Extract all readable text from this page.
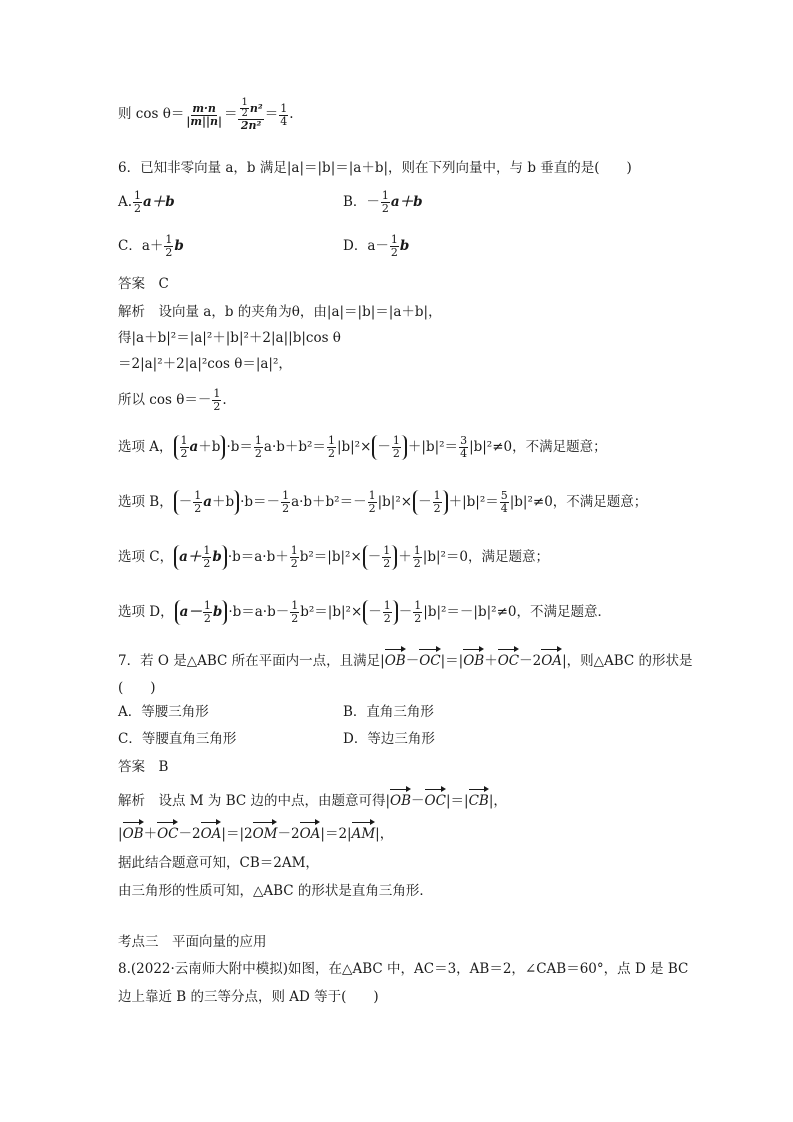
则 $\cos \theta= \frac{m\cdot n}{|m||n|} = \frac{\frac{1}{2} n^2}{\text{2n²}} = \frac{1}{4}$ .
6．已知非零向量 a，b 满足|a|＝|b|＝|a＋b|，则在下列向量中，与 b 垂直的是(　　)
A. $\frac{1}{2} a+b$	B．－ $\frac{1}{2} a+b$
C．$a+ \frac{1}{2}$ b	D．$a- \frac{1}{2}$ b
答案　C
解析　设向量 a，b 的夹角为θ，由|a|＝|b|＝|a＋b|，
得|a＋b|²＝|a|²＋|b|²＋2|a||b|cos θ
＝2|a|²＋2|a|²cos θ＝|a|²，
所以 $\cos \theta=- \frac{1}{2}$ .
选项 A， $\frac{1}{2}$ $a +b \cdot b= \frac{1}{2} a\cdot b+b^2= \frac{1}{2} |b|^2\times - \frac{1}{2} +|b|^2= \frac{3}{4} |b|^2\ne 0$，不满足题意；
选项 B， － $\frac{1}{2}$ $a +b \cdot b=- \frac{1}{2} a\cdot b+b^2=- \frac{1}{2} |b|^2\times - \frac{1}{2} +|b|^2= \frac{5}{4} |b|^2\ne 0$，不满足题意；
选项 C， $a+ \frac{1}{2}$ $b \cdot b=a\cdot b+ \frac{1}{2} b^2=|b|^2\times - \frac{1}{2} + \frac{1}{2} |b|^2=0$，满足题意；
选项 D， $a- \frac{1}{2}$ $b \cdot b=a\cdot b- \frac{1}{2} b^2=|b|^2\times - \frac{1}{2} - \frac{1}{2} |b|^2=-|b|^2\ne 0$，不满足题意．
7．若 O 是△ABC 所在平面内一点，且满足|OB－OC|＝|OB＋OC－2OA|，则△ABC 的形状是
(　　)
A．等腰三角形	B．直角三角形
C．等腰直角三角形	D．等边三角形
答案　B
解析　设点 M 为 BC 边的中点，由题意可得|OB－OC|＝|CB|，
|OB＋OC－2OA|＝|2OM－2OA|＝2|AM|，
据此结合题意可知，CB＝2AM，
由三角形的性质可知，△ABC 的形状是直角三角形．
考点三　平面向量的应用
8.(2022·云南师大附中模拟)如图，在△ABC 中，AC＝3，AB＝2，∠CAB＝60°，点 D 是 BC
边上靠近 B 的三等分点，则 AD 等于(　　)
